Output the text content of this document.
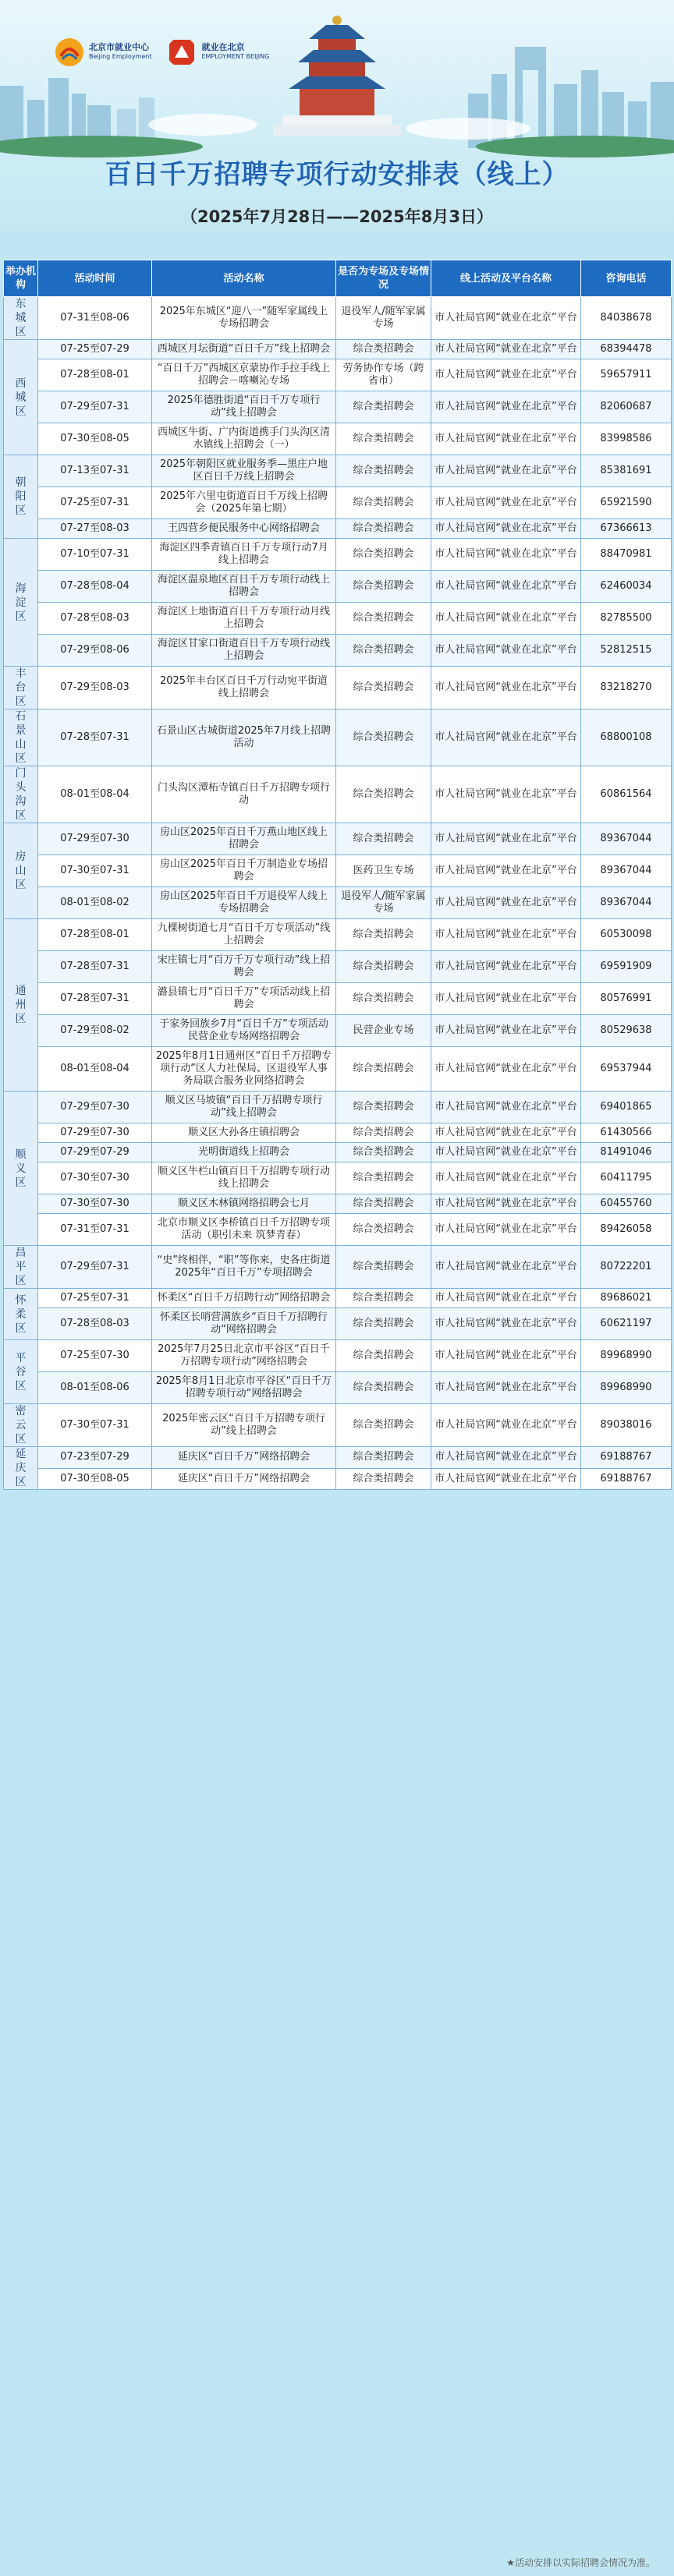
北京市就业中心
Beijing Employment
就业在北京
EMPLOYMENT BEIJING
百日千万招聘专项行动安排表（线上）
（2025年7月28日——2025年8月3日）
举办机构	活动时间	活动名称	是否为专场及专场情况	线上活动及平台名称	咨询电话
东城区	07-31至08-06	2025年东城区“迎八一”随军家属线上专场招聘会	退役军人/随军家属专场	市人社局官网“就业在北京”平台	84038678
西城区	07-25至07-29	西城区月坛街道“百日千万”线上招聘会	综合类招聘会	市人社局官网“就业在北京”平台	68394478
	07-28至08-01	“百日千万”西城区京蒙协作手拉手线上招聘会－喀喇沁专场	劳务协作专场（跨省市）	市人社局官网“就业在北京”平台	59657911
	07-29至07-31	2025年德胜街道“百日千万专项行动”线上招聘会	综合类招聘会	市人社局官网“就业在北京”平台	82060687
	07-30至08-05	西城区牛街、广内街道携手门头沟区清水镇线上招聘会（一）	综合类招聘会	市人社局官网“就业在北京”平台	83998586
朝阳区	07-13至07-31	2025年朝阳区就业服务季—黑庄户地区百日千万线上招聘会	综合类招聘会	市人社局官网“就业在北京”平台	85381691
	07-25至07-31	2025年六里屯街道百日千万线上招聘 会（2025年第七期）	综合类招聘会	市人社局官网“就业在北京”平台	65921590
	07-27至08-03	王四营乡便民服务中心网络招聘会	综合类招聘会	市人社局官网“就业在北京”平台	67366613
海淀区	07-10至07-31	海淀区四季青镇百日千万专项行动7月线上招聘会	综合类招聘会	市人社局官网“就业在北京”平台	88470981
	07-28至08-04	海淀区温泉地区百日千万专项行动线上招聘会	综合类招聘会	市人社局官网“就业在北京”平台	62460034
	07-28至08-03	海淀区上地街道百日千万专项行动月线上招聘会	综合类招聘会	市人社局官网“就业在北京”平台	82785500
	07-29至08-06	海淀区甘家口街道百日千万专项行动线上招聘会	综合类招聘会	市人社局官网“就业在北京”平台	52812515
丰台区	07-29至08-03	2025年丰台区百日千万行动宛平街道线上招聘会	综合类招聘会	市人社局官网“就业在北京”平台	83218270
石景山区	07-28至07-31	石景山区古城街道2025年7月线上招聘活动	综合类招聘会	市人社局官网“就业在北京”平台	68800108
门头沟区	08-01至08-04	门头沟区潭柘寺镇百日千万招聘专项行动	综合类招聘会	市人社局官网“就业在北京”平台	60861564
房山区	07-29至07-30	房山区2025年百日千万燕山地区线上招聘会	综合类招聘会	市人社局官网“就业在北京”平台	89367044
	07-30至07-31	房山区2025年百日千万制造业专场招聘会	医药卫生专场	市人社局官网“就业在北京”平台	89367044
	08-01至08-02	房山区2025年百日千万退役军人线上专场招聘会	退役军人/随军家属专场	市人社局官网“就业在北京”平台	89367044
通州区	07-28至08-01	九棵树街道七月“百日千万专项活动”线上招聘会	综合类招聘会	市人社局官网“就业在北京”平台	60530098
	07-28至07-31	宋庄镇七月“百万千万专项行动”线上招聘会	综合类招聘会	市人社局官网“就业在北京”平台	69591909
	07-28至07-31	潞县镇七月“百日千万”专项活动线上招聘会	综合类招聘会	市人社局官网“就业在北京”平台	80576991
	07-29至08-02	于家务回族乡7月“百日千万”专项活动民营企业专场网络招聘会	民营企业专场	市人社局官网“就业在北京”平台	80529638
	08-01至08-04	2025年8月1日通州区“百日千万招聘专项行动”区人力社保局、区退役军人事务局联合服务业网络招聘会	综合类招聘会	市人社局官网“就业在北京”平台	69537944
顺义区	07-29至07-30	顺义区马坡镇“百日千万招聘专项行动”线上招聘会	综合类招聘会	市人社局官网“就业在北京”平台	69401865
	07-29至07-30	顺义区大孙各庄镇招聘会	综合类招聘会	市人社局官网“就业在北京”平台	61430566
	07-29至07-29	光明街道线上招聘会	综合类招聘会	市人社局官网“就业在北京”平台	81491046
	07-30至07-30	顺义区牛栏山镇百日千万招聘专项行动线上招聘会	综合类招聘会	市人社局官网“就业在北京”平台	60411795
	07-30至07-30	顺义区木林镇网络招聘会七月	综合类招聘会	市人社局官网“就业在北京”平台	60455760
	07-31至07-31	北京市顺义区李桥镇百日千万招聘专项活动（职引未来 筑梦青春）	综合类招聘会	市人社局官网“就业在北京”平台	89426058
昌平区	07-29至07-31	“史”终相伴，“职”等你来，史各庄街道2025年“百日千万”专项招聘会	综合类招聘会	市人社局官网“就业在北京”平台	80722201
怀柔区	07-25至07-31	怀柔区“百日千万招聘行动”网络招聘会	综合类招聘会	市人社局官网“就业在北京”平台	89686021
	07-28至08-03	怀柔区长哨营满族乡“百日千万招聘行动”网络招聘会	综合类招聘会	市人社局官网“就业在北京”平台	60621197
平谷区	07-25至07-30	2025年7月25日北京市平谷区“百日千万招聘专项行动”网络招聘会	综合类招聘会	市人社局官网“就业在北京”平台	89968990
	08-01至08-06	2025年8月1日北京市平谷区“百日千万招聘专项行动”网络招聘会	综合类招聘会	市人社局官网“就业在北京”平台	89968990
密云区	07-30至07-31	2025年密云区“百日千万招聘专项行动”线上招聘会	综合类招聘会	市人社局官网“就业在北京”平台	89038016
延庆区	07-23至07-29	延庆区“百日千万”网络招聘会	综合类招聘会	市人社局官网“就业在北京”平台	69188767
	07-30至08-05	延庆区“百日千万”网络招聘会	综合类招聘会	市人社局官网“就业在北京”平台	69188767
★活动安排以实际招聘会情况为准。
